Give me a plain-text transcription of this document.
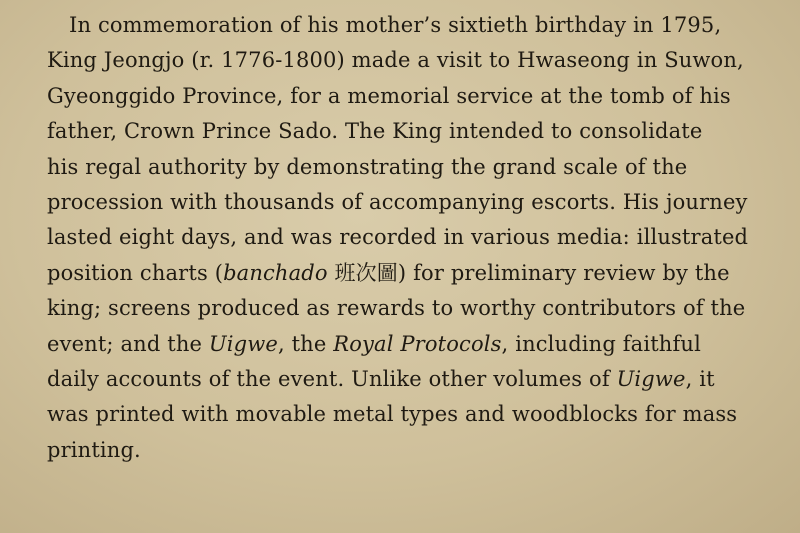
In commemoration of his mother’s sixtieth birthday in 1795,
King Jeongjo (r. 1776-1800) made a visit to Hwaseong in Suwon,
Gyeonggido Province, for a memorial service at the tomb of his
father, Crown Prince Sado. The King intended to consolidate
his regal authority by demonstrating the grand scale of the
procession with thousands of accompanying escorts. His journey
lasted eight days, and was recorded in various media: illustrated
position charts (banchado 班次圖) for preliminary review by the
king; screens produced as rewards to worthy contributors of the
event; and the Uigwe, the Royal Protocols, including faithful
daily accounts of the event. Unlike other volumes of Uigwe, it
was printed with movable metal types and woodblocks for mass
printing.
